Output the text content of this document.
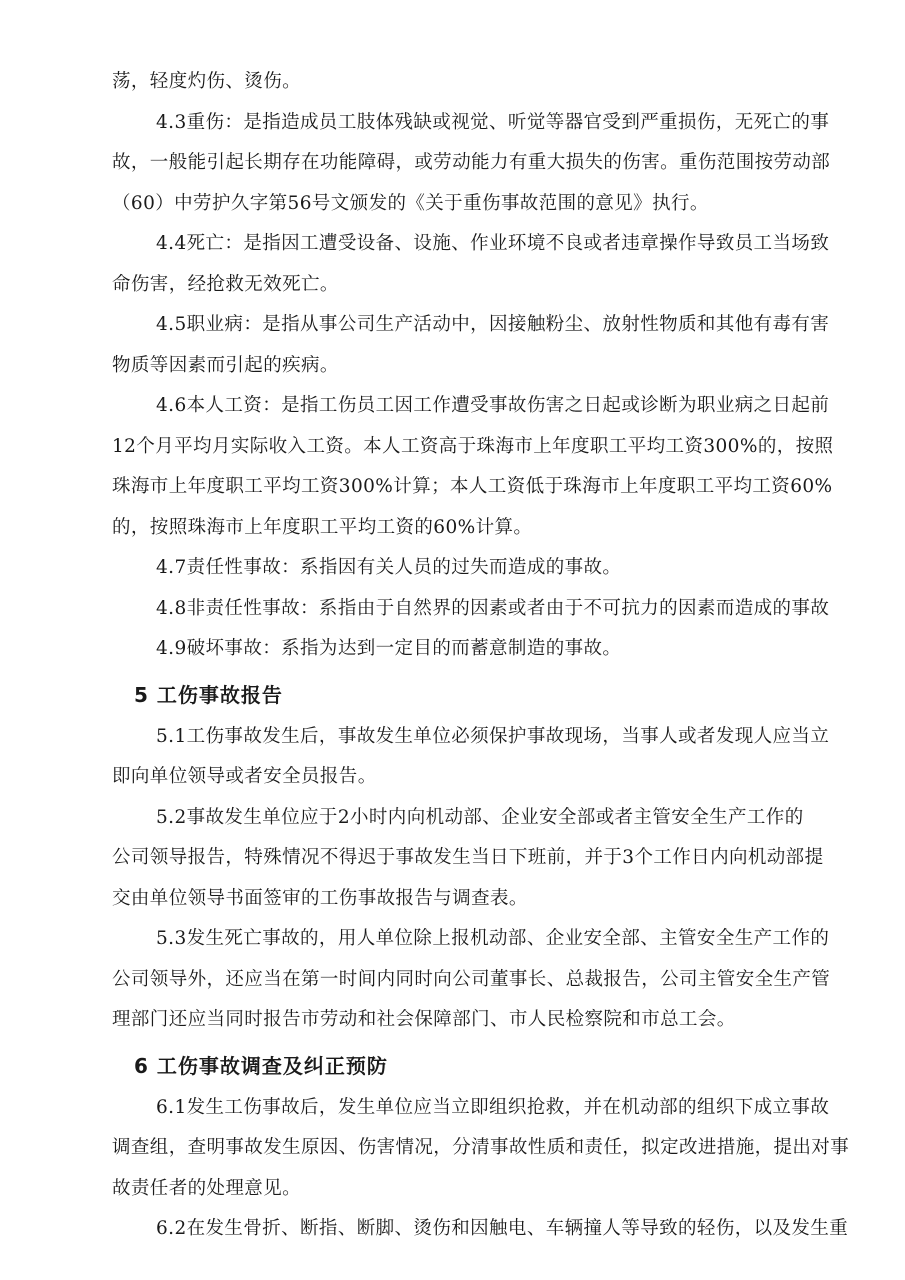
荡，轻度灼伤、烫伤。
4.3重伤：是指造成员工肢体残缺或视觉、听觉等器官受到严重损伤，无死亡的事
故，一般能引起长期存在功能障碍，或劳动能力有重大损失的伤害。重伤范围按劳动部
（60）中劳护久字第56号文颁发的《关于重伤事故范围的意见》执行。
4.4死亡：是指因工遭受设备、设施、作业环境不良或者违章操作导致员工当场致
命伤害，经抢救无效死亡。
4.5职业病：是指从事公司生产活动中，因接触粉尘、放射性物质和其他有毒有害
物质等因素而引起的疾病。
4.6本人工资：是指工伤员工因工作遭受事故伤害之日起或诊断为职业病之日起前
12个月平均月实际收入工资。本人工资高于珠海市上年度职工平均工资300%的，按照
珠海市上年度职工平均工资300%计算；本人工资低于珠海市上年度职工平均工资60%
的，按照珠海市上年度职工平均工资的60%计算。
4.7责任性事故：系指因有关人员的过失而造成的事故。
4.8非责任性事故：系指由于自然界的因素或者由于不可抗力的因素而造成的事故
4.9破坏事故：系指为达到一定目的而蓄意制造的事故。
5 工伤事故报告
5.1工伤事故发生后，事故发生单位必须保护事故现场，当事人或者发现人应当立
即向单位领导或者安全员报告。
5.2事故发生单位应于2小时内向机动部、企业安全部或者主管安全生产工作的
公司领导报告，特殊情况不得迟于事故发生当日下班前，并于3个工作日内向机动部提
交由单位领导书面签审的工伤事故报告与调查表。
5.3发生死亡事故的，用人单位除上报机动部、企业安全部、主管安全生产工作的
公司领导外，还应当在第一时间内同时向公司董事长、总裁报告，公司主管安全生产管
理部门还应当同时报告市劳动和社会保障部门、市人民检察院和市总工会。
6 工伤事故调查及纠正预防
6.1发生工伤事故后，发生单位应当立即组织抢救，并在机动部的组织下成立事故
调查组，查明事故发生原因、伤害情况，分清事故性质和责任，拟定改进措施，提出对事
故责任者的处理意见。
6.2在发生骨折、断指、断脚、烫伤和因触电、车辆撞人等导致的轻伤，以及发生重
